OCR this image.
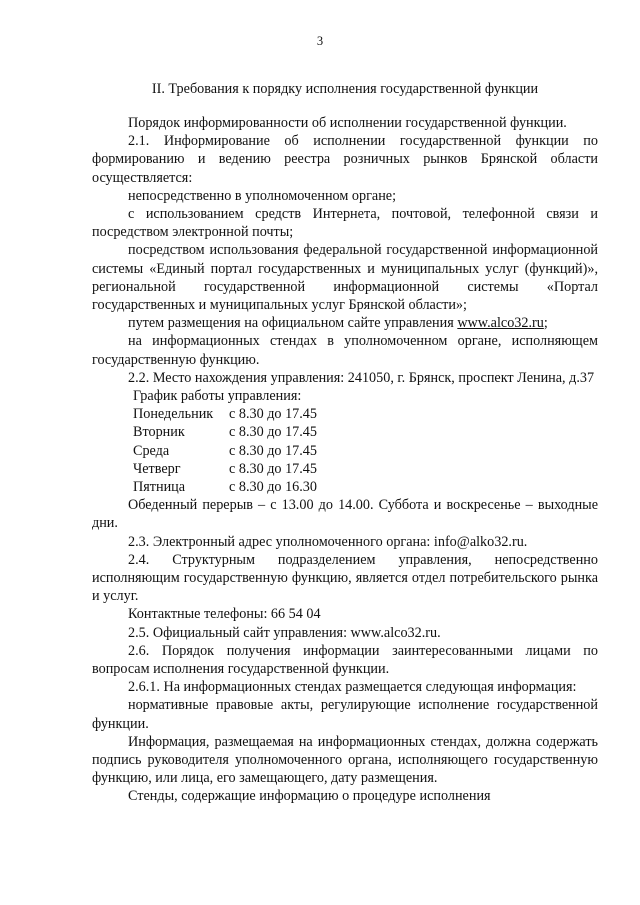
3
II. Требования к порядку исполнения государственной функции

Порядок информированности об исполнении государственной функции.

2.1. Информирование об исполнении государственной функции по формированию и ведению реестра розничных рынков Брянской области осуществляется:

непосредственно в уполномоченном органе;

с использованием средств Интернета, почтовой, телефонной связи и посредством электронной почты;

посредством использования федеральной государственной информационной системы «Единый портал государственных и муниципальных услуг (функций)», региональной государственной информационной системы «Портал государственных и муниципальных услуг Брянской области»;

путем размещения на официальном сайте управления www.alco32.ru;

на информационных стендах в уполномоченном органе, исполняющем государственную функцию.

2.2. Место нахождения управления: 241050, г. Брянск, проспект Ленина, д.37

График работы управления:
Понедельник	с 8.30 до 17.45
Вторник	с 8.30 до 17.45
Среда	с 8.30 до 17.45
Четверг	с 8.30 до 17.45
Пятница	с 8.30 до 16.30

Обеденный перерыв – с 13.00 до 14.00. Суббота и воскресенье – выходные дни.

2.3. Электронный адрес уполномоченного органа: info@alko32.ru.

2.4. Структурным подразделением управления, непосредственно исполняющим государственную функцию, является отдел потребительского рынка и услуг.

Контактные телефоны: 66 54 04

2.5. Официальный сайт управления: www.alco32.ru.

2.6. Порядок получения информации заинтересованными лицами по вопросам исполнения государственной функции.

2.6.1. На информационных стендах размещается следующая информация:

нормативные правовые акты, регулирующие исполнение государственной функции.

Информация, размещаемая на информационных стендах, должна содержать подпись руководителя уполномоченного органа, исполняющего государственную функцию, или лица, его замещающего, дату размещения.

Стенды, содержащие информацию о процедуре исполнения
